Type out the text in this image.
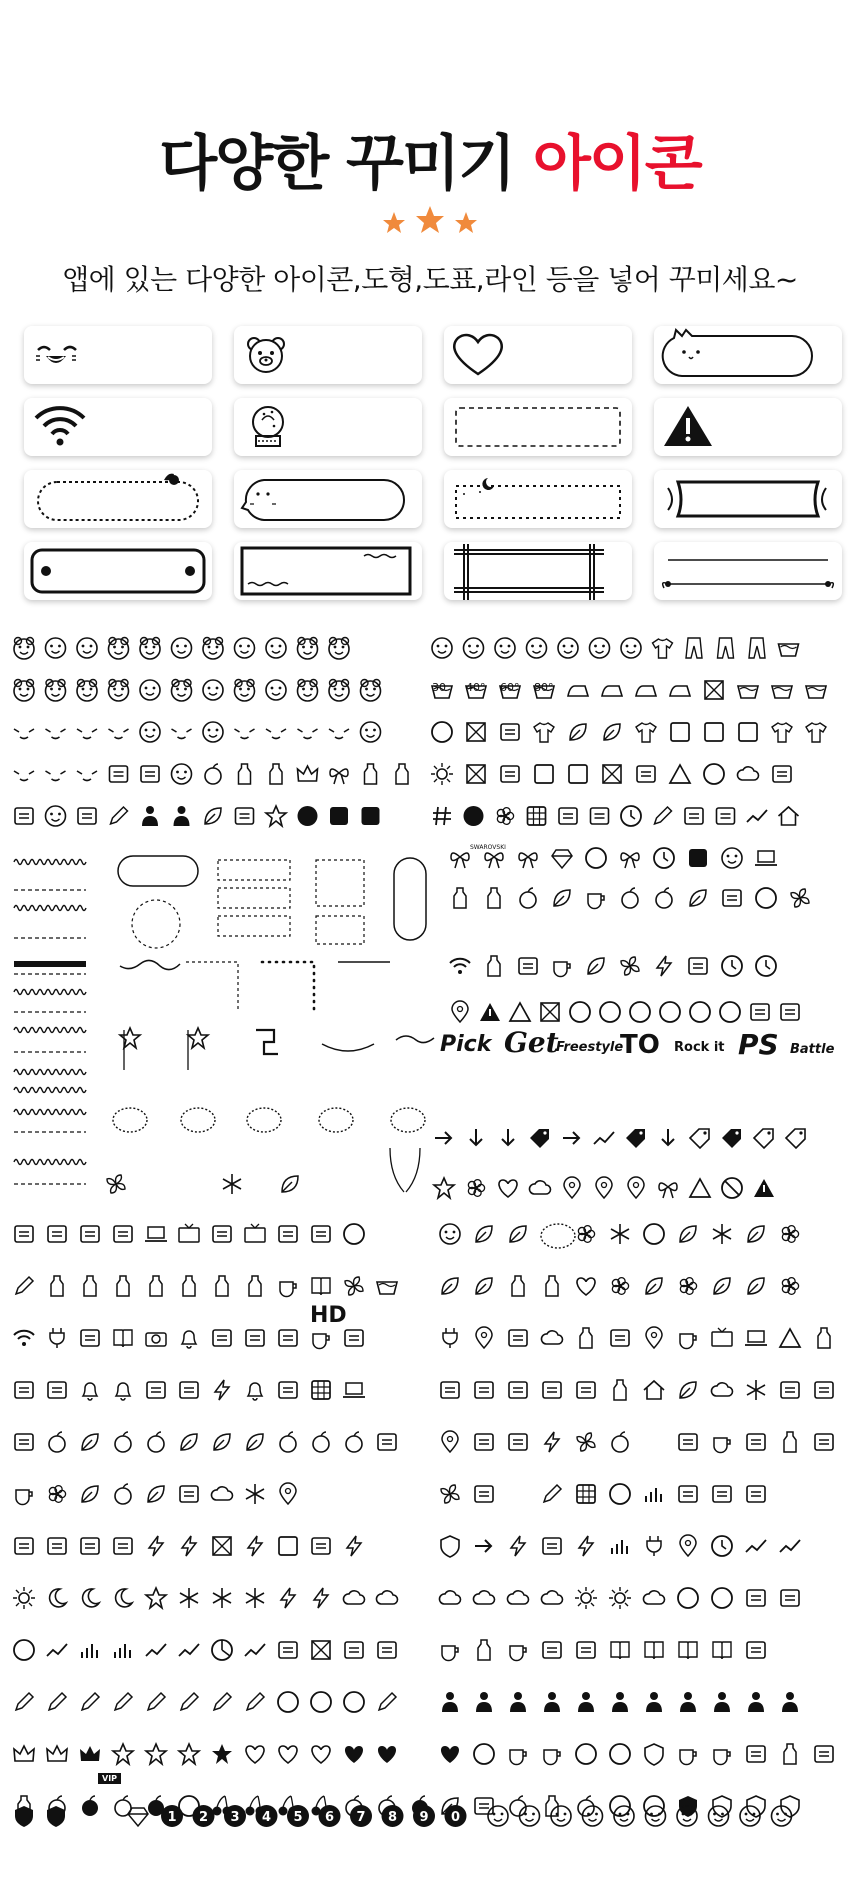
다양한 꾸미기 아이콘
앱에 있는 다양한 아이콘,도형,도표,라인 등을 넣어 꾸미세요~
1 2 3 4 5 6 7 8 9 0
30 40° 60° 80°
Pick Get
Freestyle
TO Rock it PS Battle
HD
SWAROVSKI
VIP
